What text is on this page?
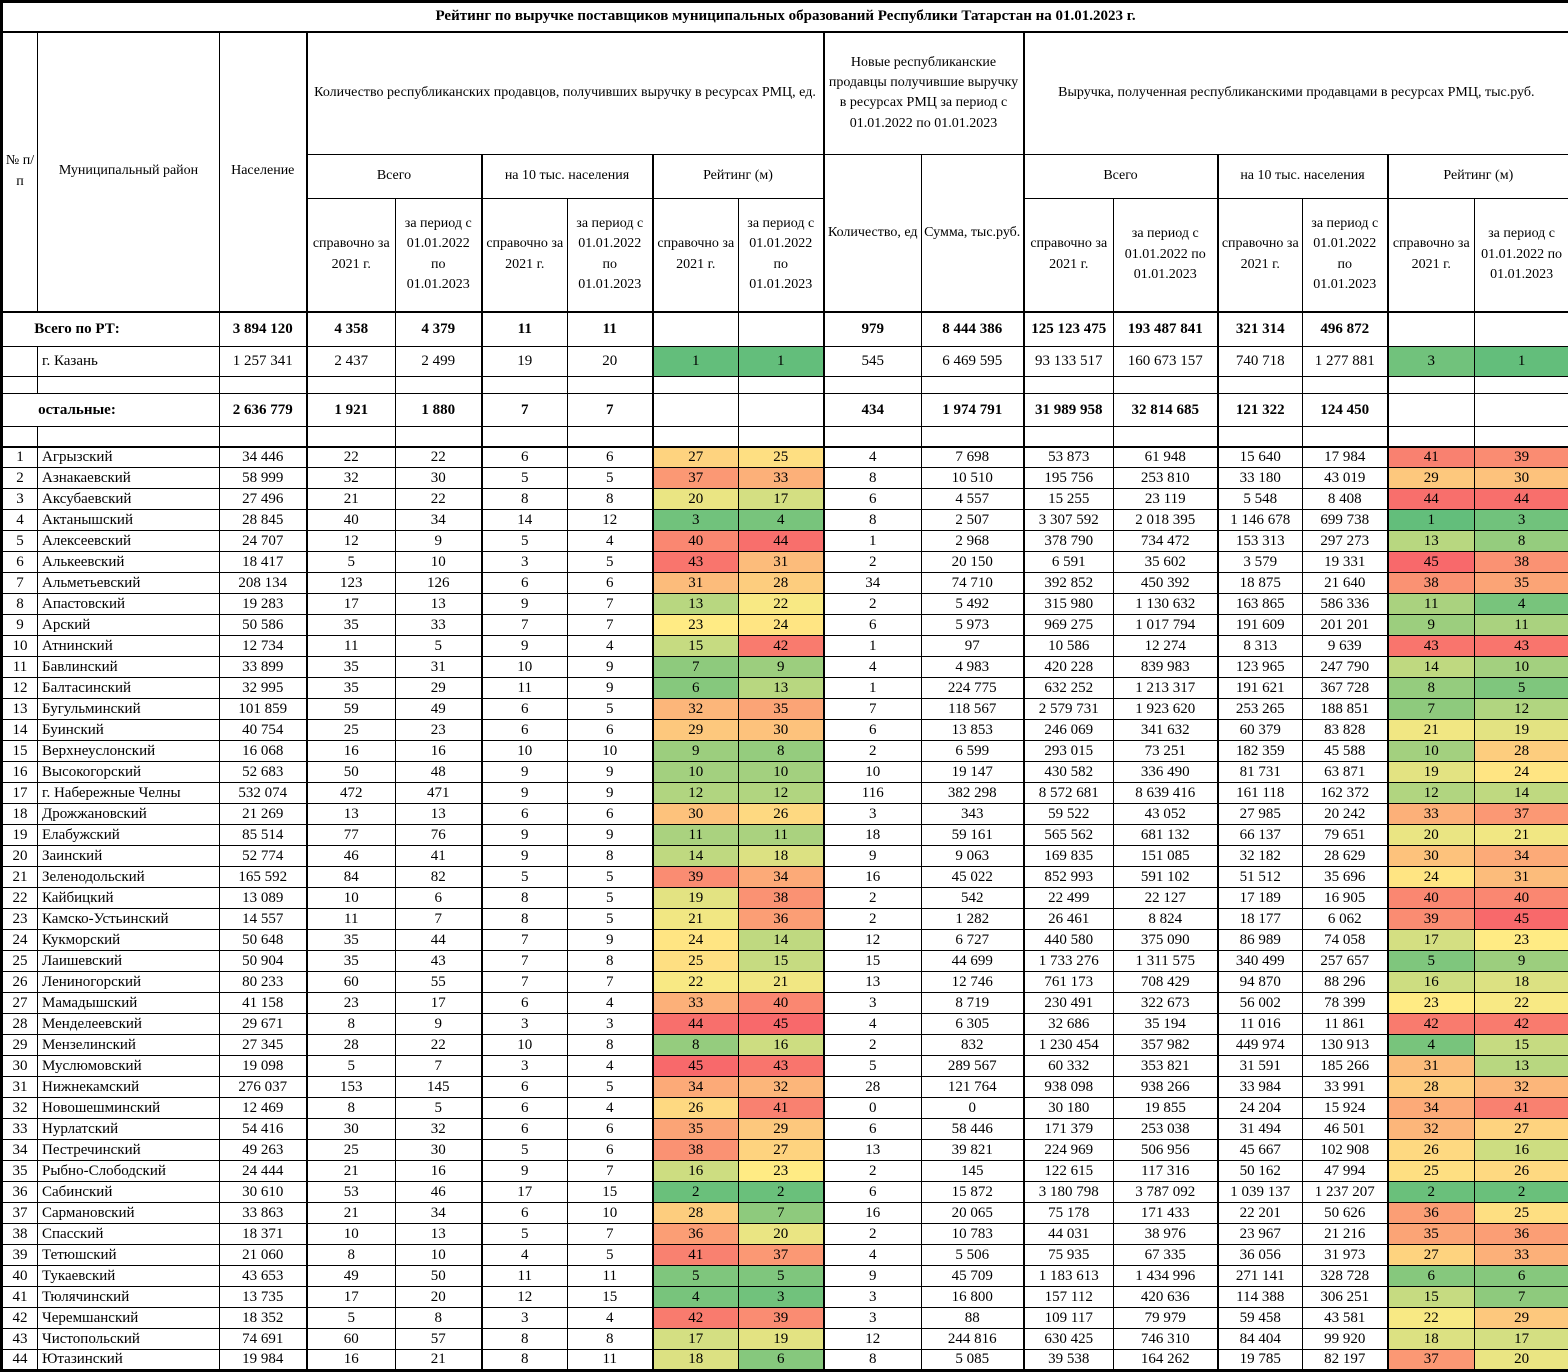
Рейтинг по выручке поставщиков муниципальных образований Республики Татарстан на 01.01.2023 г.																
№ п/п	Муниципальный район	Население	Количество республиканских продавцов, получивших выручку в ресурсах РМЦ, ед.						Новые республиканские продавцы получившие выручку в ресурсах РМЦ за период с 01.01.2022 по 01.01.2023		Выручка, полученная республиканскими продавцами в ресурсах РМЦ, тыс.руб.					
			Всего		на 10 тыс. населения		Рейтинг (м)		Количество, ед	Сумма, тыс.руб.	Всего		на 10 тыс. населения		Рейтинг (м)	
			справочно за 2021 г.	за период с 01.01.2022 по 01.01.2023	справочно за 2021 г.	за период с 01.01.2022 по 01.01.2023	справочно за 2021 г.	за период с 01.01.2022 по 01.01.2023			справочно за 2021 г.	за период с 01.01.2022 по 01.01.2023	справочно за 2021 г.	за период с 01.01.2022 по 01.01.2023	справочно за 2021 г.	за период с 01.01.2022 по 01.01.2023
Всего по РТ:		3 894 120	4 358	4 379	11	11			979	8 444 386	125 123 475	193 487 841	321 314	496 872		
	г. Казань	1 257 341	2 437	2 499	19	20	1	1	545	6 469 595	93 133 517	160 673 157	740 718	1 277 881	3	1

остальные:		2 636 779	1 921	1 880	7	7			434	1 974 791	31 989 958	32 814 685	121 322	124 450		

1	Агрызский	34 446	22	22	6	6	27	25	4	7 698	53 873	61 948	15 640	17 984	41	39
2	Азнакаевский	58 999	32	30	5	5	37	33	8	10 510	195 756	253 810	33 180	43 019	29	30
3	Аксубаевский	27 496	21	22	8	8	20	17	6	4 557	15 255	23 119	5 548	8 408	44	44
4	Актанышский	28 845	40	34	14	12	3	4	8	2 507	3 307 592	2 018 395	1 146 678	699 738	1	3
5	Алексеевский	24 707	12	9	5	4	40	44	1	2 968	378 790	734 472	153 313	297 273	13	8
6	Алькеевский	18 417	5	10	3	5	43	31	2	20 150	6 591	35 602	3 579	19 331	45	38
7	Альметьевский	208 134	123	126	6	6	31	28	34	74 710	392 852	450 392	18 875	21 640	38	35
8	Апастовский	19 283	17	13	9	7	13	22	2	5 492	315 980	1 130 632	163 865	586 336	11	4
9	Арский	50 586	35	33	7	7	23	24	6	5 973	969 275	1 017 794	191 609	201 201	9	11
10	Атнинский	12 734	11	5	9	4	15	42	1	97	10 586	12 274	8 313	9 639	43	43
11	Бавлинский	33 899	35	31	10	9	7	9	4	4 983	420 228	839 983	123 965	247 790	14	10
12	Балтасинский	32 995	35	29	11	9	6	13	1	224 775	632 252	1 213 317	191 621	367 728	8	5
13	Бугульминский	101 859	59	49	6	5	32	35	7	118 567	2 579 731	1 923 620	253 265	188 851	7	12
14	Буинский	40 754	25	23	6	6	29	30	6	13 853	246 069	341 632	60 379	83 828	21	19
15	Верхнеуслонский	16 068	16	16	10	10	9	8	2	6 599	293 015	73 251	182 359	45 588	10	28
16	Высокогорский	52 683	50	48	9	9	10	10	10	19 147	430 582	336 490	81 731	63 871	19	24
17	г. Набережные Челны	532 074	472	471	9	9	12	12	116	382 298	8 572 681	8 639 416	161 118	162 372	12	14
18	Дрожжановский	21 269	13	13	6	6	30	26	3	343	59 522	43 052	27 985	20 242	33	37
19	Елабужский	85 514	77	76	9	9	11	11	18	59 161	565 562	681 132	66 137	79 651	20	21
20	Заинский	52 774	46	41	9	8	14	18	9	9 063	169 835	151 085	32 182	28 629	30	34
21	Зеленодольский	165 592	84	82	5	5	39	34	16	45 022	852 993	591 102	51 512	35 696	24	31
22	Кайбицкий	13 089	10	6	8	5	19	38	2	542	22 499	22 127	17 189	16 905	40	40
23	Камско-Устьинский	14 557	11	7	8	5	21	36	2	1 282	26 461	8 824	18 177	6 062	39	45
24	Кукморский	50 648	35	44	7	9	24	14	12	6 727	440 580	375 090	86 989	74 058	17	23
25	Лаишевский	50 904	35	43	7	8	25	15	15	44 699	1 733 276	1 311 575	340 499	257 657	5	9
26	Лениногорский	80 233	60	55	7	7	22	21	13	12 746	761 173	708 429	94 870	88 296	16	18
27	Мамадышский	41 158	23	17	6	4	33	40	3	8 719	230 491	322 673	56 002	78 399	23	22
28	Менделеевский	29 671	8	9	3	3	44	45	4	6 305	32 686	35 194	11 016	11 861	42	42
29	Мензелинский	27 345	28	22	10	8	8	16	2	832	1 230 454	357 982	449 974	130 913	4	15
30	Муслюмовский	19 098	5	7	3	4	45	43	5	289 567	60 332	353 821	31 591	185 266	31	13
31	Нижнекамский	276 037	153	145	6	5	34	32	28	121 764	938 098	938 266	33 984	33 991	28	32
32	Новошешминский	12 469	8	5	6	4	26	41	0	0	30 180	19 855	24 204	15 924	34	41
33	Нурлатский	54 416	30	32	6	6	35	29	6	58 446	171 379	253 038	31 494	46 501	32	27
34	Пестречинский	49 263	25	30	5	6	38	27	13	39 821	224 969	506 956	45 667	102 908	26	16
35	Рыбно-Слободский	24 444	21	16	9	7	16	23	2	145	122 615	117 316	50 162	47 994	25	26
36	Сабинский	30 610	53	46	17	15	2	2	6	15 872	3 180 798	3 787 092	1 039 137	1 237 207	2	2
37	Сармановский	33 863	21	34	6	10	28	7	16	20 065	75 178	171 433	22 201	50 626	36	25
38	Спасский	18 371	10	13	5	7	36	20	2	10 783	44 031	38 976	23 967	21 216	35	36
39	Тетюшский	21 060	8	10	4	5	41	37	4	5 506	75 935	67 335	36 056	31 973	27	33
40	Тукаевский	43 653	49	50	11	11	5	5	9	45 709	1 183 613	1 434 996	271 141	328 728	6	6
41	Тюлячинский	13 735	17	20	12	15	4	3	3	16 800	157 112	420 636	114 388	306 251	15	7
42	Черемшанский	18 352	5	8	3	4	42	39	3	88	109 117	79 979	59 458	43 581	22	29
43	Чистопольский	74 691	60	57	8	8	17	19	12	244 816	630 425	746 310	84 404	99 920	18	17
44	Ютазинский	19 984	16	21	8	11	18	6	8	5 085	39 538	164 262	19 785	82 197	37	20
